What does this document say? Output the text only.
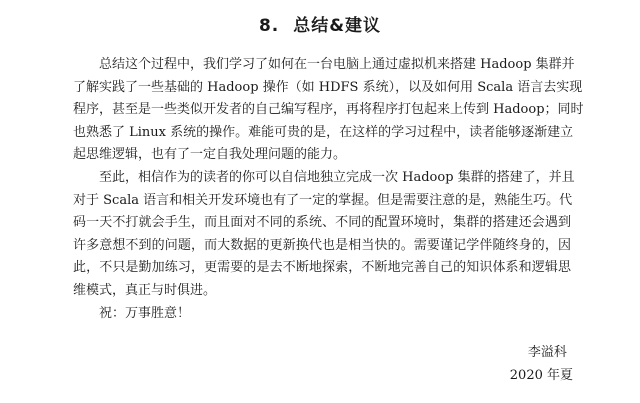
8. 总结&建议
总结这个过程中，我们学习了如何在一台电脑上通过虚拟机来搭建 Hadoop 集群并
了解实践了一些基础的 Hadoop 操作（如 HDFS 系统），以及如何用 Scala 语言去实现
程序，甚至是一些类似开发者的自己编写程序，再将程序打包起来上传到 Hadoop；同时
也熟悉了 Linux 系统的操作。难能可贵的是，在这样的学习过程中，读者能够逐渐建立
起思维逻辑，也有了一定自我处理问题的能力。
至此，相信作为的读者的你可以自信地独立完成一次 Hadoop 集群的搭建了，并且
对于 Scala 语言和相关开发环境也有了一定的掌握。但是需要注意的是，熟能生巧。代
码一天不打就会手生，而且面对不同的系统、不同的配置环境时，集群的搭建还会遇到
许多意想不到的问题，而大数据的更新换代也是相当快的。需要谨记学伴随终身的，因
此，不只是勤加练习，更需要的是去不断地探索，不断地完善自己的知识体系和逻辑思
维模式，真正与时俱进。
祝：万事胜意！
李溢科
2020 年夏
